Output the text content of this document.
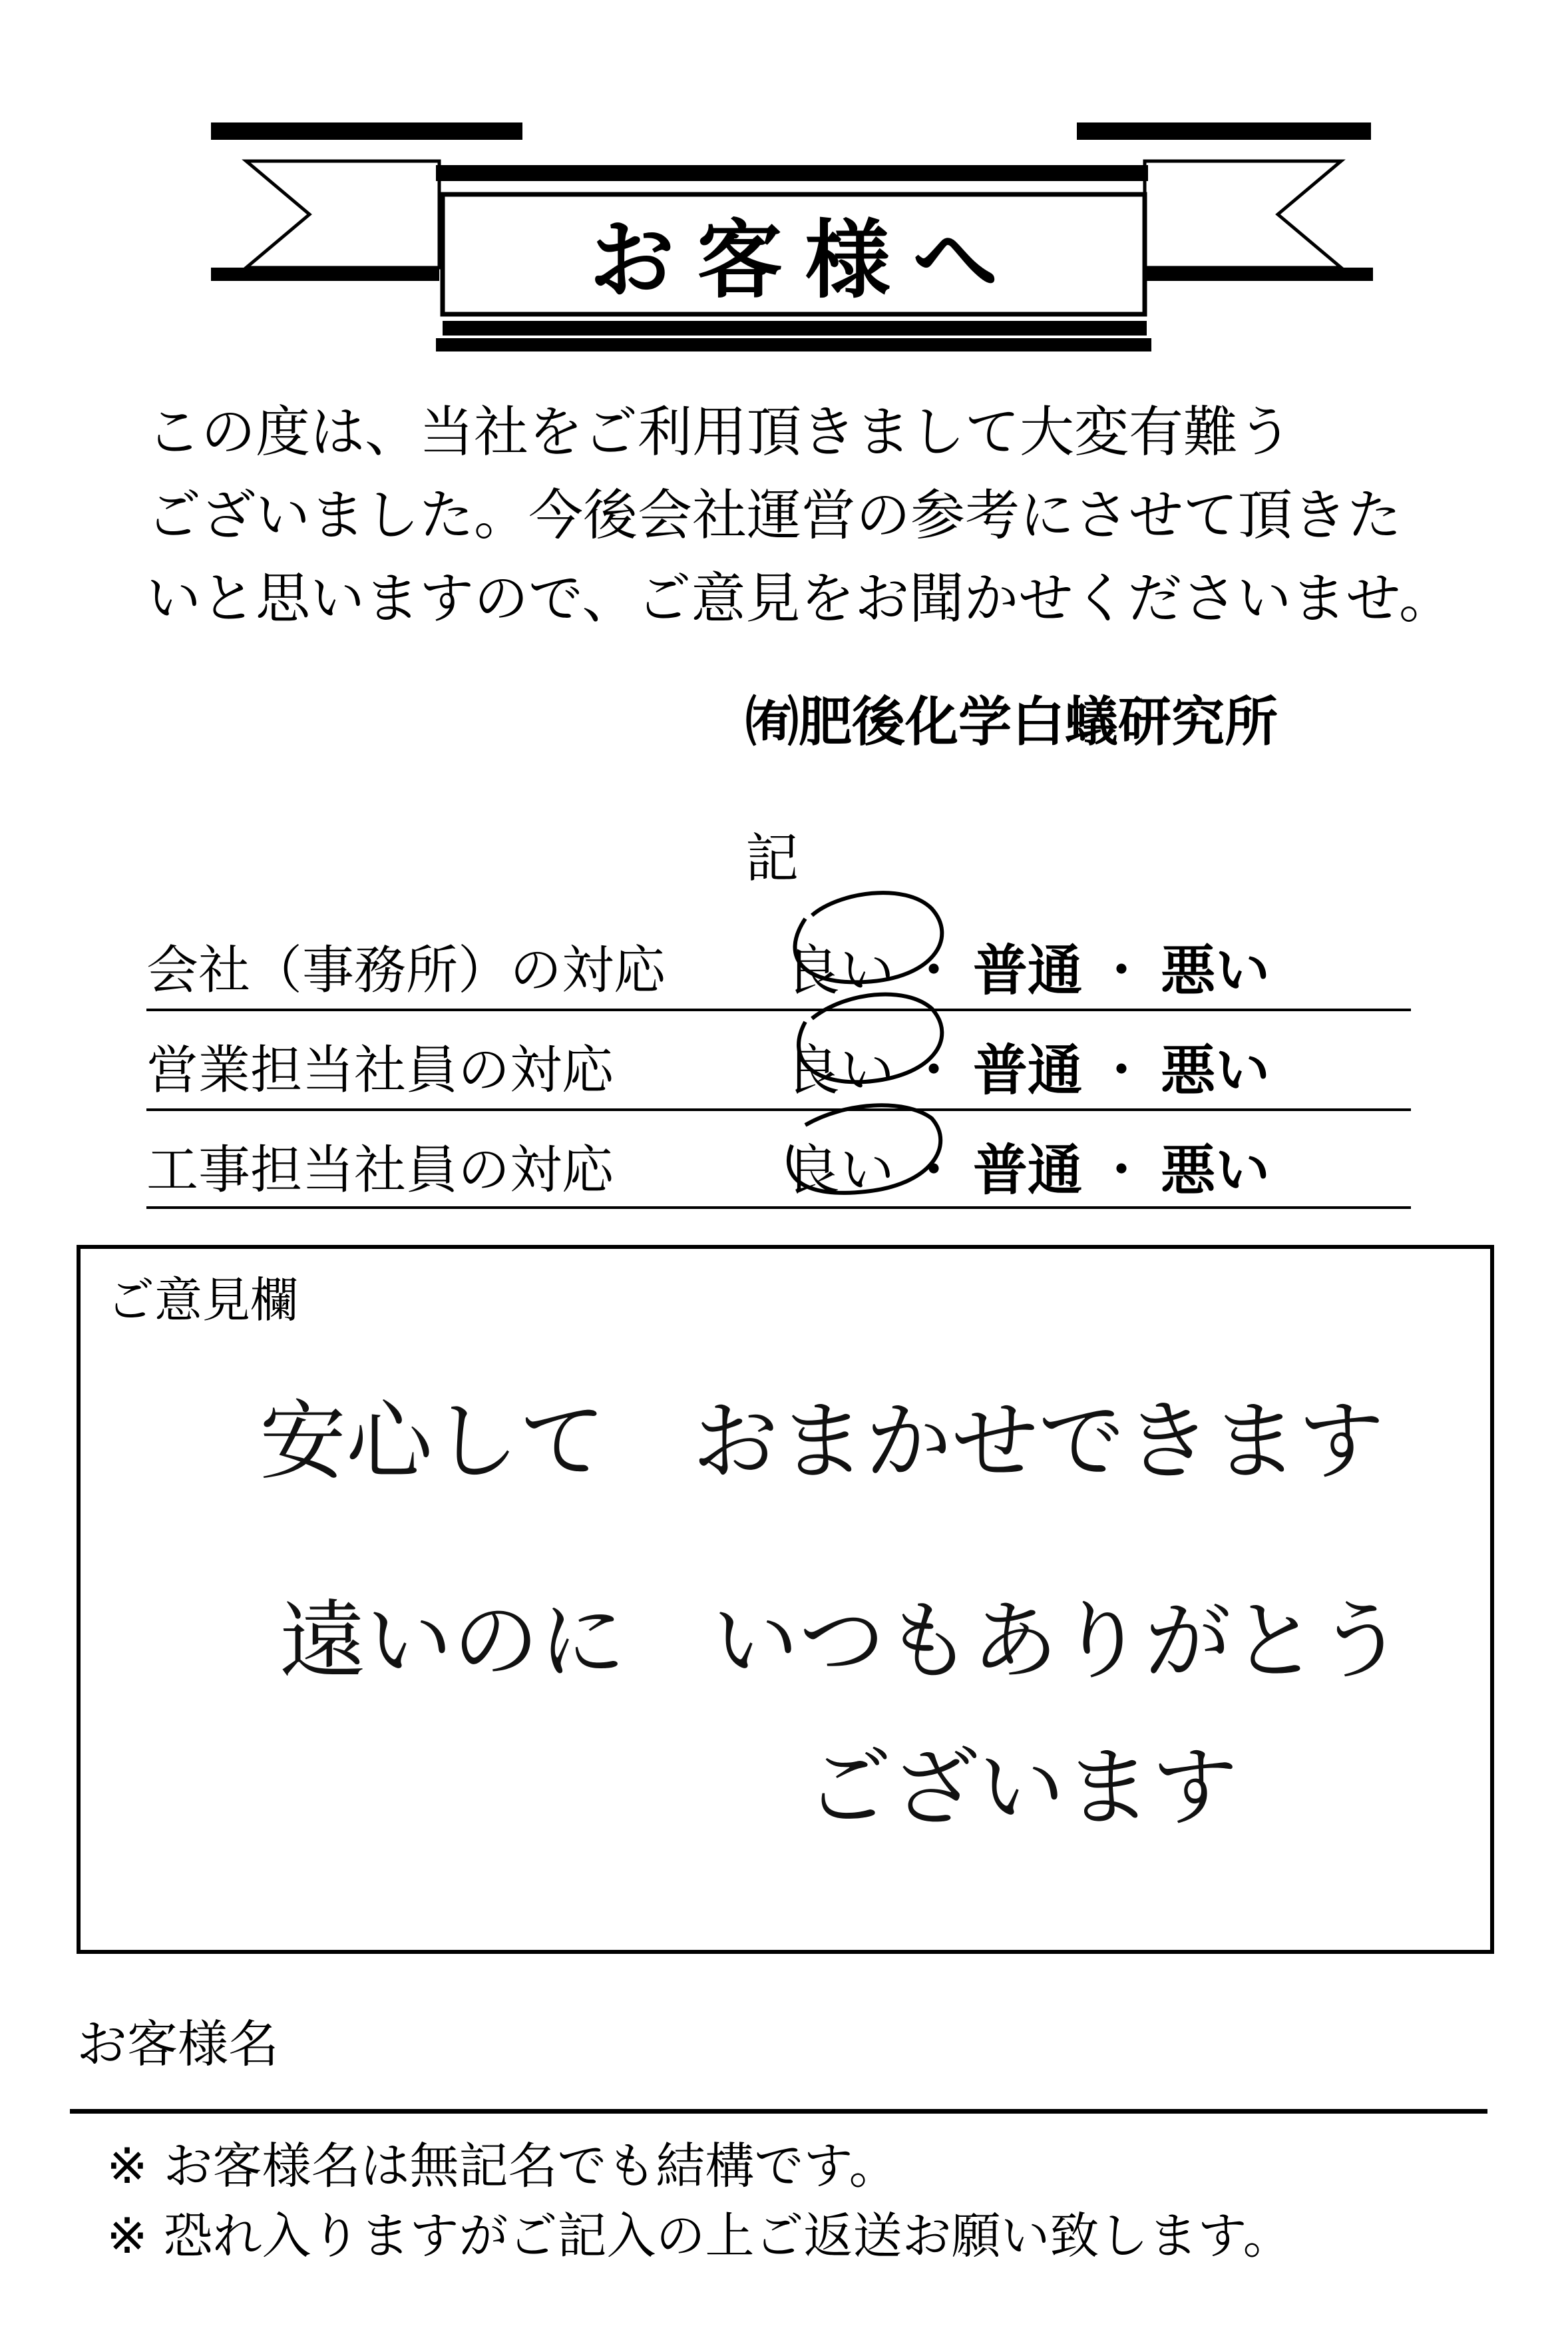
お客様へ
この度は、当社をご利用頂きまして大変有難う
ございました。今後会社運営の参考にさせて頂きた
いと思いますので、ご意見をお聞かせくださいませ。
㈲肥後化学白蟻研究所
記
会社（事務所）の対応 良い ・ 普通 ・ 悪い
営業担当社員の対応	良い ・ 普通 ・ 悪い
工事担当社員の対応	良い ・ 普通 ・ 悪い
ご意見欄
安心して　おまかせできます
遠いのに　いつもありがとう
ございます
お客様名
※ お客様名は無記名でも結構です。
※ 恐れ入りますがご記入の上ご返送お願い致します。
